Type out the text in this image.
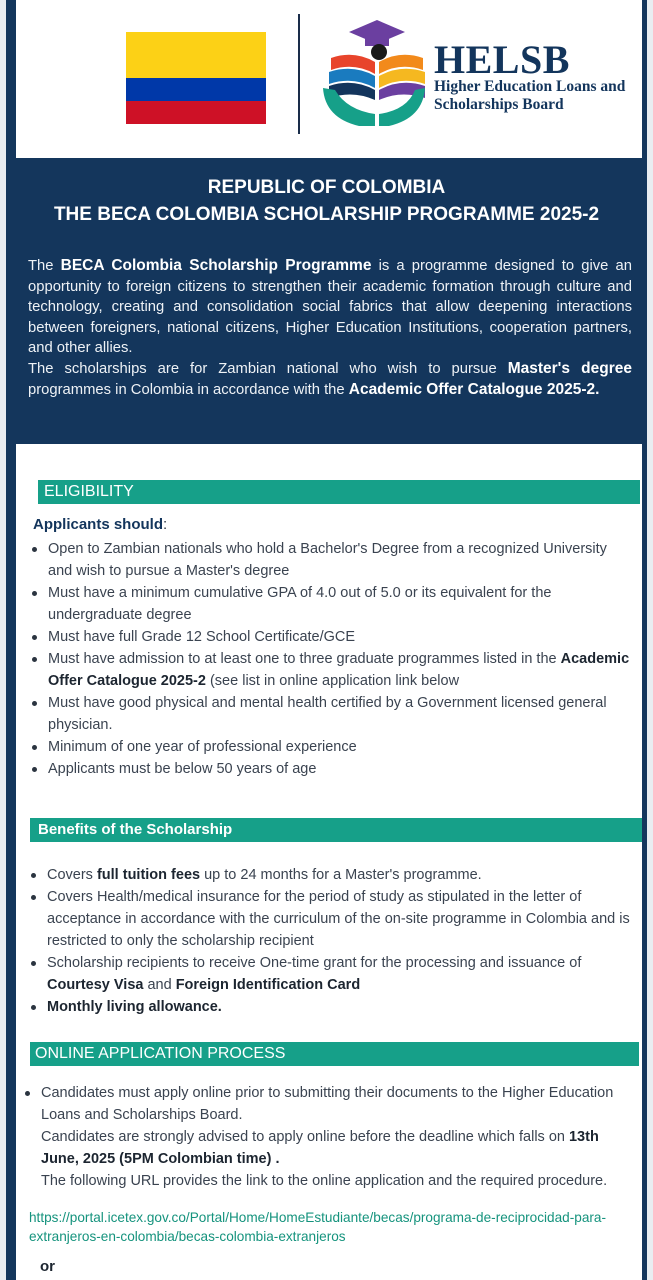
HELSB
Higher Education Loans and Scholarships Board
REPUBLIC OF COLOMBIA
THE BECA COLOMBIA SCHOLARSHIP PROGRAMME 2025-2
The BECA Colombia Scholarship Programme is a programme designed to give an opportunity to foreign citizens to strengthen their academic formation through culture and technology, creating and consolidation social fabrics that allow deepening interactions between foreigners, national citizens, Higher Education Institutions, cooperation partners, and other allies.
The scholarships are for Zambian national who wish to pursue Master's degree programmes in Colombia in accordance with the Academic Offer Catalogue 2025-2.
ELIGIBILITY
Applicants should:
Open to Zambian nationals who hold a Bachelor's Degree from a recognized University and wish to pursue a Master's degree
Must have a minimum cumulative GPA of 4.0 out of 5.0 or its equivalent for the undergraduate degree
Must have full Grade 12 School Certificate/GCE
Must have admission to at least one to three graduate programmes listed in the Academic Offer Catalogue 2025-2 (see list in online application link below
Must have good physical and mental health certified by a Government licensed general physician.
Minimum of one year of professional experience
Applicants must be below 50 years of age
Benefits of the Scholarship
Covers full tuition fees up to 24 months for a Master's programme.
Covers Health/medical insurance for the period of study as stipulated in the letter of acceptance in accordance with the curriculum of the on-site programme in Colombia and is restricted to only the scholarship recipient
Scholarship recipients to receive One-time grant for the processing and issuance of Courtesy Visa and Foreign Identification Card
Monthly living allowance.
ONLINE APPLICATION PROCESS
Candidates must apply online prior to submitting their documents to the Higher Education Loans and Scholarships Board.
Candidates are strongly advised to apply online before the deadline which falls on 13th June, 2025 (5PM Colombian time) .
The following URL provides the link to the online application and the required procedure.
https://portal.icetex.gov.co/Portal/Home/HomeEstudiante/becas/programa-de-reciprocidad-para-extranjeros-en-colombia/becas-colombia-extranjeros
or
